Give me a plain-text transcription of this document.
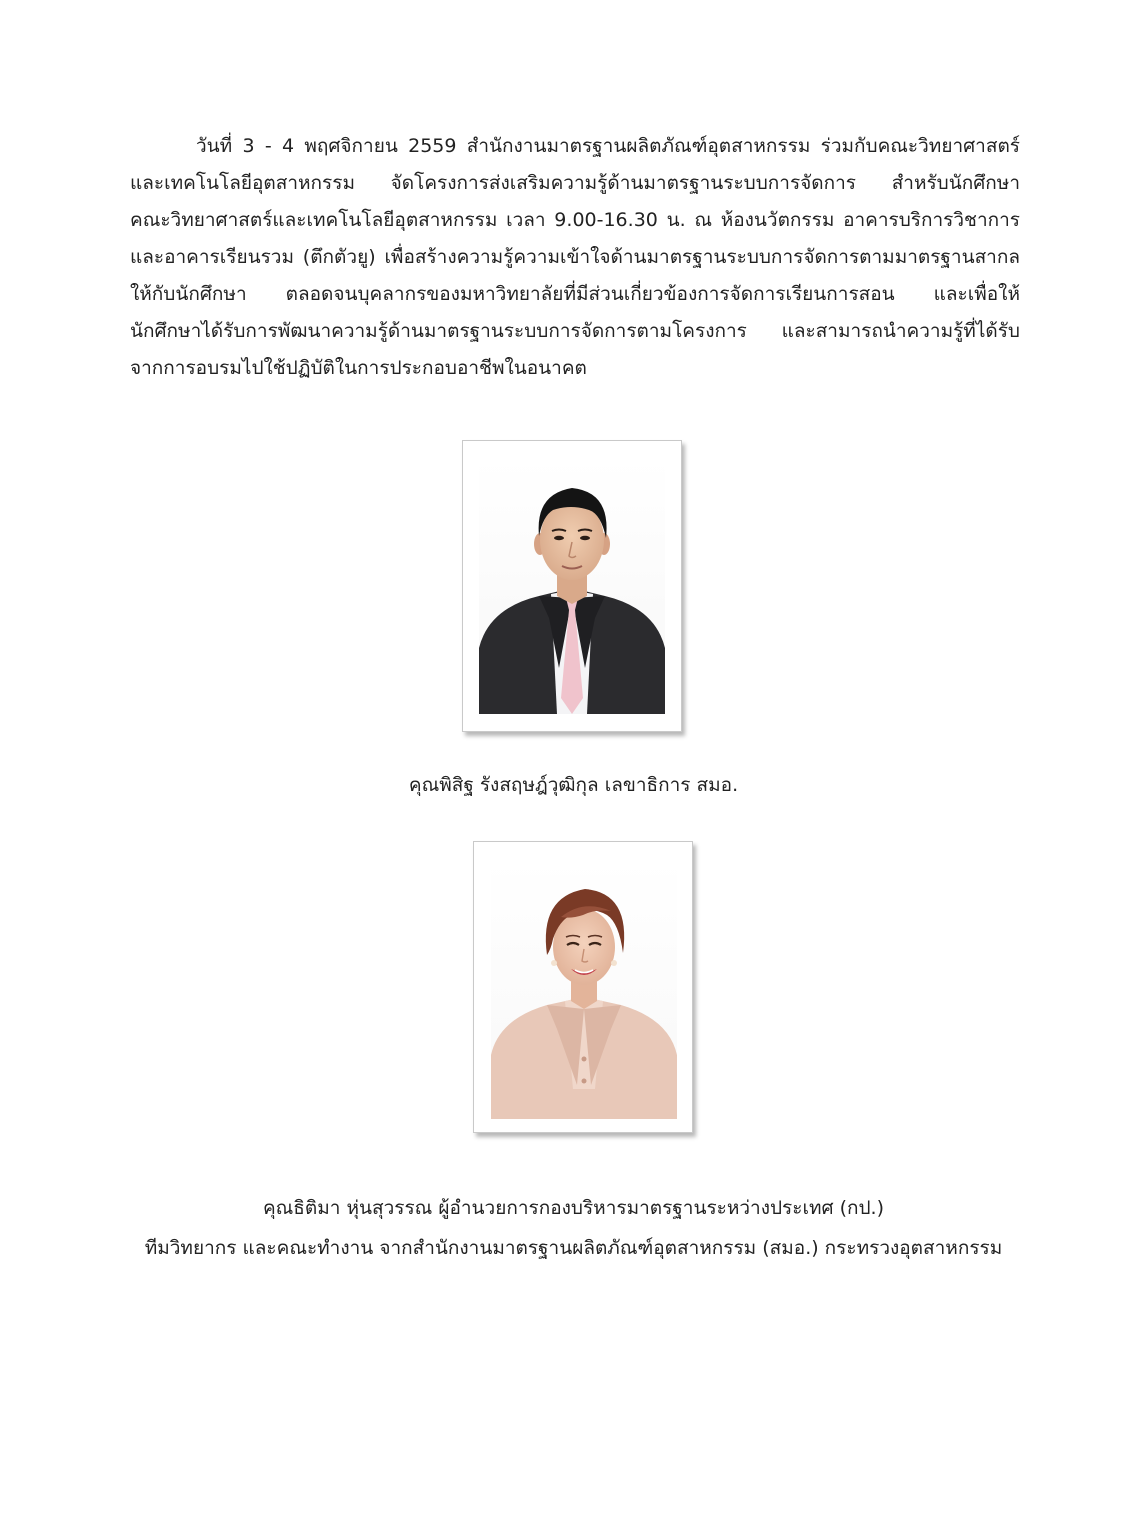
วันที่ 3 - 4 พฤศจิกายน 2559 สำนักงานมาตรฐานผลิตภัณฑ์อุตสาหกรรม ร่วมกับคณะวิทยาศาสตร์
และเทคโนโลยีอุตสาหกรรม จัดโครงการส่งเสริมความรู้ด้านมาตรฐานระบบการจัดการ สำหรับนักศึกษา
คณะวิทยาศาสตร์และเทคโนโลยีอุตสาหกรรม เวลา 9.00-16.30 น. ณ ห้องนวัตกรรม อาคารบริการวิชาการ
และอาคารเรียนรวม (ตึกตัวยู) เพื่อสร้างความรู้ความเข้าใจด้านมาตรฐานระบบการจัดการตามมาตรฐานสากล
ให้กับนักศึกษา ตลอดจนบุคลากรของมหาวิทยาลัยที่มีส่วนเกี่ยวข้องการจัดการเรียนการสอน และเพื่อให้
นักศึกษาได้รับการพัฒนาความรู้ด้านมาตรฐานระบบการจัดการตามโครงการ และสามารถนำความรู้ที่ได้รับ
จากการอบรมไปใช้ปฏิบัติในการประกอบอาชีพในอนาคต
คุณพิสิฐ รังสฤษฎ์วุฒิกุล เลขาธิการ สมอ.
คุณธิติมา หุ่นสุวรรณ ผู้อำนวยการกองบริหารมาตรฐานระหว่างประเทศ (กป.)
ทีมวิทยากร และคณะทำงาน จากสำนักงานมาตรฐานผลิตภัณฑ์อุตสาหกรรม (สมอ.) กระทรวงอุตสาหกรรม
